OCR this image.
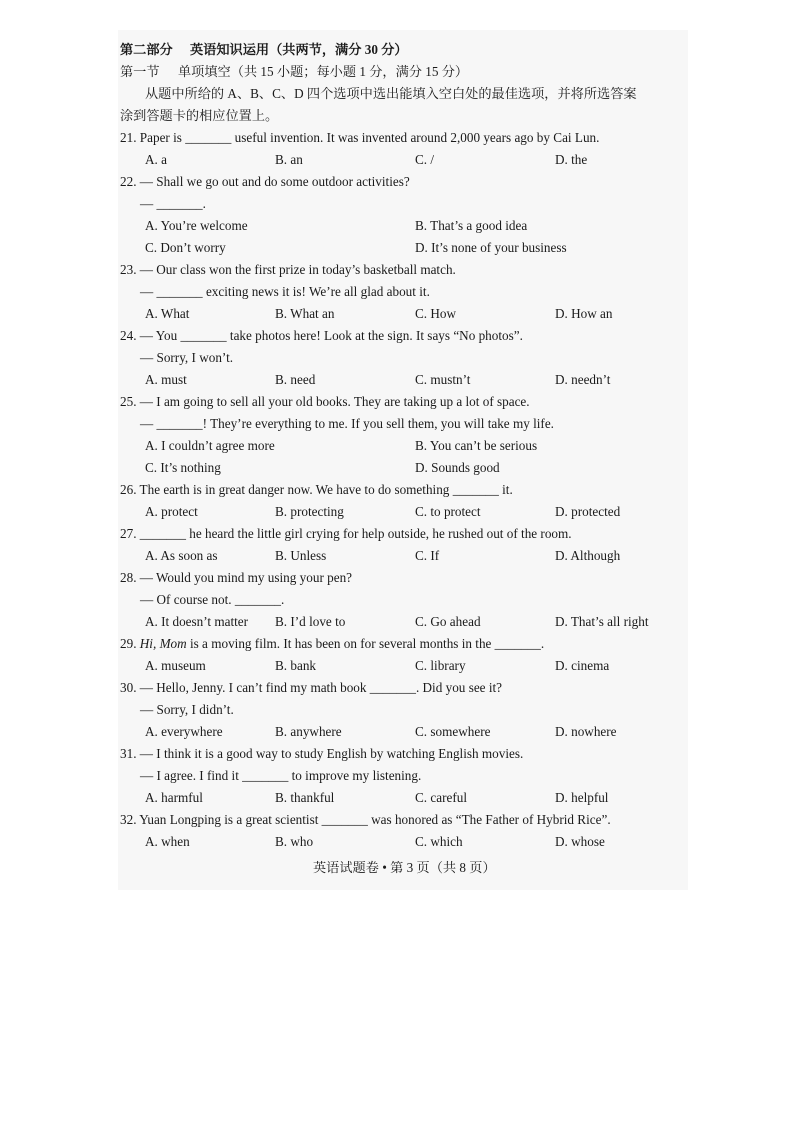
第二部分 英语知识运用（共两节，满分 30 分）
第一节 单项填空（共 15 小题；每小题 1 分，满分 15 分）
从题中所给的 A、B、C、D 四个选项中选出能填入空白处的最佳选项，并将所选答案
涂到答题卡的相应位置上。
21. Paper is _______ useful invention. It was invented around 2,000 years ago by Cai Lun.
A. a	B. an	C. /	D. the
22. — Shall we go out and do some outdoor activities?
— _______.
A. You’re welcome	B. That’s a good idea
C. Don’t worry	D. It’s none of your business
23. — Our class won the first prize in today’s basketball match.
— _______ exciting news it is! We’re all glad about it.
A. What	B. What an	C. How	D. How an
24. — You _______ take photos here! Look at the sign. It says “No photos”.
— Sorry, I won’t.
A. must	B. need	C. mustn’t	D. needn’t
25. — I am going to sell all your old books. They are taking up a lot of space.
— _______! They’re everything to me. If you sell them, you will take my life.
A. I couldn’t agree more	B. You can’t be serious
C. It’s nothing	D. Sounds good
26. The earth is in great danger now. We have to do something _______ it.
A. protect	B. protecting	C. to protect	D. protected
27. _______ he heard the little girl crying for help outside, he rushed out of the room.
A. As soon as	B. Unless	C. If	D. Although
28. — Would you mind my using your pen?
— Of course not. _______.
A. It doesn’t matter B. I’d love to	C. Go ahead	D. That’s all right
29. Hi, Mom is a moving film. It has been on for several months in the _______.
A. museum	B. bank	C. library	D. cinema
30. — Hello, Jenny. I can’t find my math book _______. Did you see it?
— Sorry, I didn’t.
A. everywhere	B. anywhere	C. somewhere	D. nowhere
31. — I think it is a good way to study English by watching English movies.
— I agree. I find it _______ to improve my listening.
A. harmful	B. thankful	C. careful	D. helpful
32. Yuan Longping is a great scientist _______ was honored as “The Father of Hybrid Rice”.
A. when	B. who	C. which	D. whose
英语试题卷 • 第 3 页（共 8 页）
